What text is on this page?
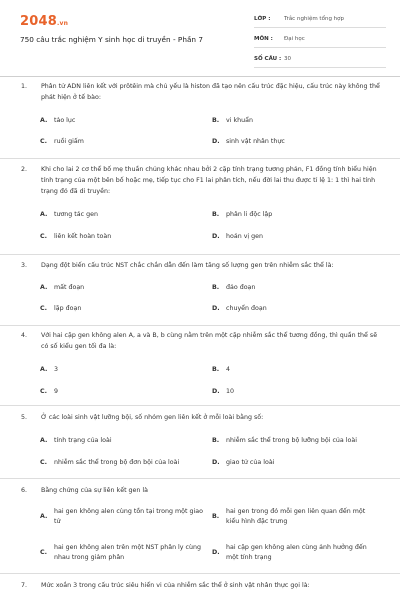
2048.vn
750 câu trắc nghiệm Y sinh học di truyền - Phần 7
LỚP :	Trắc nghiệm tổng hợp
MÔN :	Đại học
SỐ CÂU : 30
1.	Phân tử ADN liên kết với prôtêin mà chủ yếu là histon đã tạo nên cấu trúc đặc hiệu, cấu trúc này không thể phát hiện ở tế bào:
A.	tảo lục	B.	vi khuẩn
C.	ruồi giấm	D.	sinh vật nhân thực
2.	Khi cho lai 2 cơ thể bố mẹ thuần chủng khác nhau bởi 2 cặp tính trạng tương phản, F1 đồng tính biểu hiện tính trạng của một bên bố hoặc mẹ, tiếp tục cho F1 lai phân tích, nếu đời lai thu được tỉ lệ 1: 1 thì hai tính trạng đó đã di truyền:
A.	tương tác gen	B.	phân li độc lập
C.	liên kết hoàn toàn	D.	hoán vị gen
3.	Dạng đột biến cấu trúc NST chắc chắn dẫn đến làm tăng số lượng gen trên nhiễm sắc thể là:
A.	mất đoạn	B.	đảo đoạn
C.	lặp đoạn	D.	chuyển đoạn
4.	Với hai cặp gen không alen A, a và B, b cùng nằm trên một cặp nhiễm sắc thể tương đồng, thì quần thể sẽ có số kiểu gen tối đa là:
A.	3	B.	4
C.	9	D.	10
5.	Ở các loài sinh vật lưỡng bội, số nhóm gen liên kết ở mỗi loài bằng số:
A.	tính trạng của loài	B.	nhiễm sắc thể trong bộ lưỡng bội của loài
C.	nhiễm sắc thể trong bộ đơn bội của loài	D.	giao tử của loài
6.	Bằng chứng của sự liên kết gen là
A.
hai gen không alen cùng tồn tại trong một giao tử
B.
hai gen trong đó mỗi gen liên quan đến một kiểu hình đặc trưng
C.
hai gen không alen trên một NST phân ly cùng nhau trong giảm phân
D.
hai cặp gen không alen cùng ảnh hưởng đến một tính trạng
7.	Mức xoắn 3 trong cấu trúc siêu hiển vi của nhiễm sắc thể ở sinh vật nhân thực gọi là:
